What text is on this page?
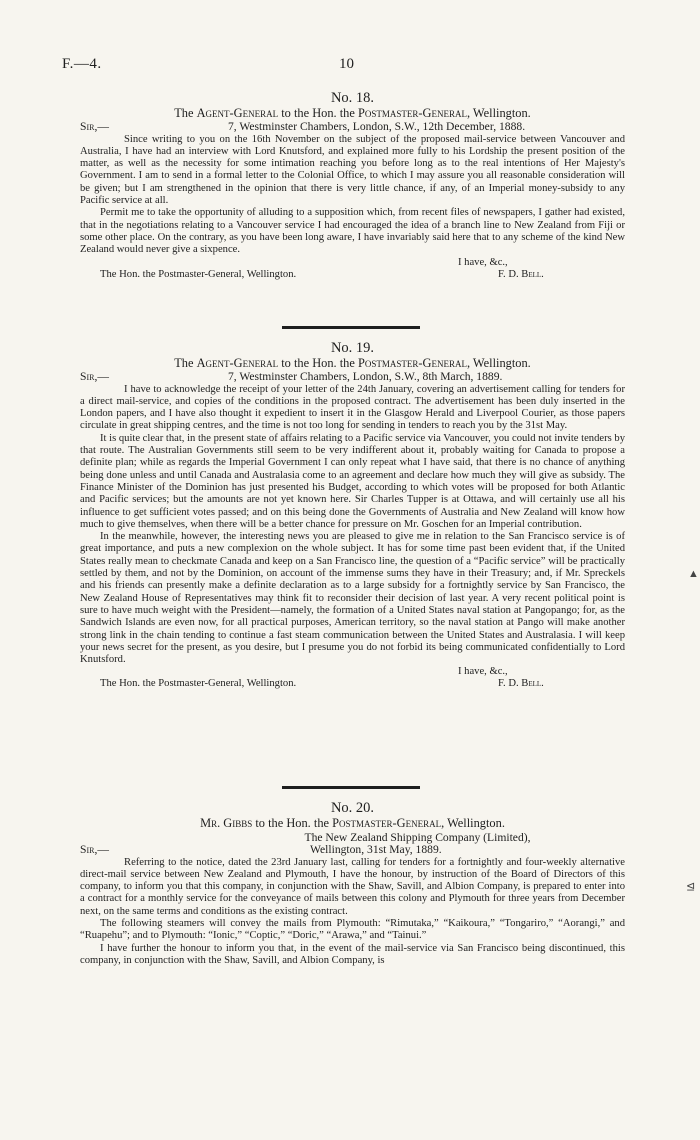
F.—4.	10

No. 18.

The Agent-General to the Hon. the Postmaster-General, Wellington.
Sir,—	7, Westminster Chambers, London, S.W., 12th December, 1888.

Since writing to you on the 16th November on the subject of the proposed mail-service between Vancouver and Australia, I have had an interview with Lord Knutsford, and explained more fully to his Lordship the present position of the matter, as well as the necessity for some intimation reaching you before long as to the real intentions of Her Majesty's Government. I am to send in a formal letter to the Colonial Office, to which I may assure you all reasonable consideration will be given; but I am strengthened in the opinion that there is very little chance, if any, of an Imperial money-subsidy to any Pacific service at all.

Permit me to take the opportunity of alluding to a supposition which, from recent files of newspapers, I gather had existed, that in the negotiations relating to a Vancouver service I had encouraged the idea of a branch line to New Zealand from Fiji or some other place. On the contrary, as you have been long aware, I have invariably said here that to any scheme of the kind New Zealand would never give a sixpence.

I have, &c.,
The Hon. the Postmaster-General, Wellington.	F. D. Bell.

No. 19.

The Agent-General to the Hon. the Postmaster-General, Wellington.
Sir,—	7, Westminster Chambers, London, S.W., 8th March, 1889.

I have to acknowledge the receipt of your letter of the 24th January, covering an advertisement calling for tenders for a direct mail-service, and copies of the conditions in the proposed contract. The advertisement has been duly inserted in the London papers, and I have also thought it expedient to insert it in the Glasgow Herald and Liverpool Courier, as those papers circulate in great shipping centres, and the time is not too long for sending in tenders to reach you by the 31st May.

It is quite clear that, in the present state of affairs relating to a Pacific service via Vancouver, you could not invite tenders by that route. The Australian Governments still seem to be very indifferent about it, probably waiting for Canada to propose a definite plan; while as regards the Imperial Government I can only repeat what I have said, that there is no chance of anything being done unless and until Canada and Australasia come to an agreement and declare how much they will give as subsidy. The Finance Minister of the Dominion has just presented his Budget, according to which votes will be proposed for both Atlantic and Pacific services; but the amounts are not yet known here. Sir Charles Tupper is at Ottawa, and will certainly use all his influence to get sufficient votes passed; and on this being done the Governments of Australia and New Zealand will know how much to give themselves, when there will be a better chance for pressure on Mr. Goschen for an Imperial contribution.

In the meanwhile, however, the interesting news you are pleased to give me in relation to the San Francisco service is of great importance, and puts a new complexion on the whole subject. It has for some time past been evident that, if the United States really mean to checkmate Canada and keep on a San Francisco line, the question of a “Pacific service” will be practically settled by them, and not by the Dominion, on account of the immense sums they have in their Treasury; and, if Mr. Spreckels and his friends can presently make a definite declaration as to a large subsidy for a fortnightly service by San Francisco, the New Zealand House of Representatives may think fit to reconsider their decision of last year. A very recent political point is sure to have much weight with the President—namely, the formation of a United States naval station at Pangopango; for, as the Sandwich Islands are even now, for all practical purposes, American territory, so the naval station at Pango will make another strong link in the chain tending to continue a fast steam communication between the United States and Australasia. I will keep your news secret for the present, as you desire, but I presume you do not forbid its being communicated confidentially to Lord Knutsford.

I have, &c.,
The Hon. the Postmaster-General, Wellington.	F. D. Bell.

No. 20.

Mr. Gibbs to the Hon. the Postmaster-General, Wellington.
The New Zealand Shipping Company (Limited),
Sir,—	Wellington, 31st May, 1889.

Referring to the notice, dated the 23rd January last, calling for tenders for a fortnightly and four-weekly alternative direct-mail service between New Zealand and Plymouth, I have the honour, by instruction of the Board of Directors of this company, to inform you that this company, in conjunction with the Shaw, Savill, and Albion Company, is prepared to enter into a contract for a monthly service for the conveyance of mails between this colony and Plymouth for three years from December next, on the same terms and conditions as the existing contract.

The following steamers will convey the mails from Plymouth: “Rimutaka,” “Kaikoura,” “Tongariro,” “Aorangi,” and “Ruapehu”; and to Plymouth: “Ionic,” “Coptic,” “Doric,” “Arawa,” and “Tainui.”

I have further the honour to inform you that, in the event of the mail-service via San Francisco being discontinued, this company, in conjunction with the Shaw, Savill, and Albion Company, is

▲
⊴
